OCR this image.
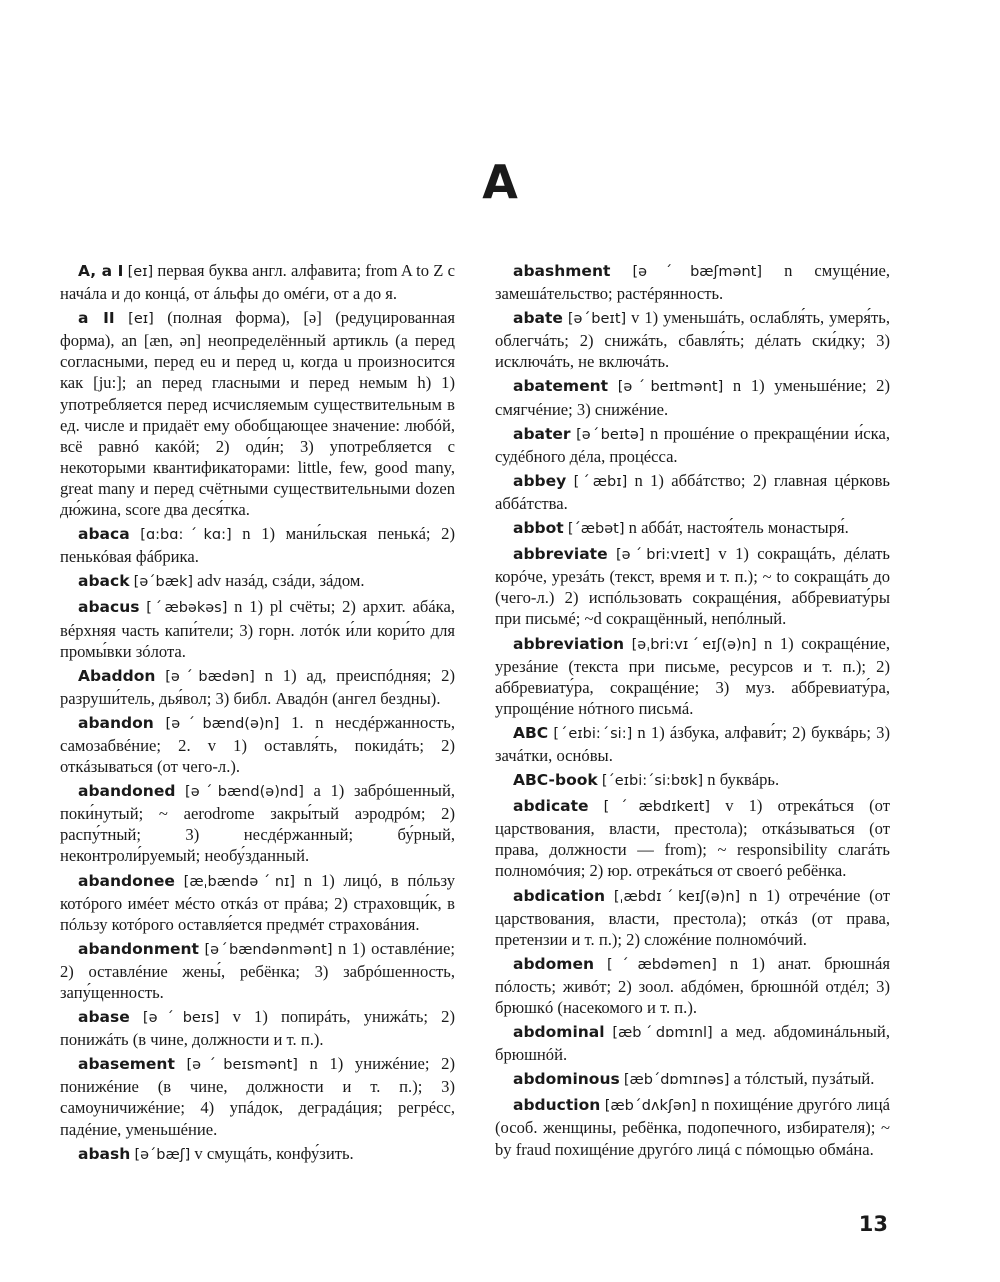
A

A, a I [eɪ] первая буква англ. алфавита; from A to Z с начáла и до концá, от áльфы до омéги, от а до я.

a II [eɪ] (полная форма), [ə] (редуцированная форма), an [æn, ən] неопределённый артикль (а перед согласными, перед eu и перед u, когда u произносится как [ju:]; an перед гласными и перед немым h) 1) употребляется перед исчисляемым существительным в ед. числе и придаёт ему обобщающее значение: любóй, всё равнó какóй; 2) оди́н; 3) употребляется с некоторыми квантификаторами: little, few, good many, great many и перед счётными существительными dozen дю́жина, score два деся́тка.

abaca [ɑ:bɑ:ˊkɑ:] n 1) мани́льская пенькá; 2) пенькóвая фáбрика.

aback [əˊbæk] adv назáд, сзáди, зáдом.

abacus [ˊæbəkəs] n 1) pl счёты; 2) архит. абáка, вéрхняя часть капи́тели; 3) горн. лотóк и́ли кори́то для промы́вки зóлота.

Abaddon [əˊbædən] n 1) ад, преиспóдняя; 2) разруши́тель, дья́вол; 3) библ. Авадóн (ангел бездны).

abandon [əˊbænd(ə)n] 1. n несдéржанность, самозабвéние; 2. v 1) оставля́ть, покидáть; 2) откáзываться (от чего-л.).

abandoned [əˊbænd(ə)nd] a 1) забрóшенный, поки́нутый; ~ aerodrome закры́тый аэродрóм; 2) распу́тный; 3) несдéржанный; бу́рный, неконтроли́руемый; необу́зданный.

abandonee [æˌbændəˊnɪ] n 1) лицó, в пóльзу котóрого имéет мéсто откáз от прáва; 2) страховщи́к, в пóльзу котóрого оставля́ется предмéт страховáния.

abandonment [əˊbændənmənt] n 1) оставлéние; 2) оставлéние жены́, ребёнка; 3) забрóшенность, запу́щенность.

abase [əˊbeɪs] v 1) попирáть, унижáть; 2) понижáть (в чине, должности и т. п.).

abasement [əˊbeɪsmənt] n 1) унижéние; 2) понижéние (в чине, должности и т. п.); 3) самоуничижéние; 4) упáдок, деградáция; регрéсс, падéние, уменьшéние.

abash [əˊbæʃ] v смущáть, конфу́зить.

abashment [əˊbæʃmənt] n смущéние, замешáтельство; растéрянность.

abate [əˊbeɪt] v 1) уменьшáть, ослабля́ть, умеря́ть, облегчáть; 2) снижáть, сбавля́ть; дéлать ски́дку; 3) исключáть, не включáть.

abatement [əˊbeɪtmənt] n 1) уменьшéние; 2) смягчéние; 3) снижéние.

abater [əˊbeɪtə] n прошéние о прекращéнии и́ска, судéбного дéла, процéсса.

abbey [ˊæbɪ] n 1) аббáтство; 2) главная цéрковь аббáтства.

abbot [ˊæbət] n аббáт, настоя́тель монастыря́.

abbreviate [əˊbri:vɪeɪt] v 1) сокращáть, дéлать корóче, урезáть (текст, время и т. п.); ~ to сокращáть до (чего-л.) 2) испóльзовать сокращéния, аббревиату́ры при письмé; ~d сокращённый, непóлный.

abbreviation [əˌbri:vɪˊeɪʃ(ə)n] n 1) сокращéние, урезáние (текста при письме, ресурсов и т. п.); 2) аббревиату́ра, сокращéние; 3) муз. аббревиату́ра, упрощéние нóтного письмá.

ABC [ˊeɪbi:ˊsi:] n 1) áзбука, алфави́т; 2) буквáрь; 3) зачáтки, оснóвы.

ABC-book [ˊeɪbi:ˊsi:bʊk] n буквáрь.

abdicate [ˊæbdɪkeɪt] v 1) отрекáться (от царствования, власти, престола); откáзываться (от права, должности — from); ~ responsibility слагáть полномóчия; 2) юр. отрекáться от своегó ребёнка.

abdication [ˌæbdɪˊkeɪʃ(ə)n] n 1) отречéние (от царствования, власти, престола); откáз (от права, претензии и т. п.); 2) сложéние полномóчий.

abdomen [ˊæbdəmen] n 1) анат. брюшнáя пóлость; живóт; 2) зоол. абдóмен, брюшнóй отдéл; 3) брюшкó (насекомого и т. п.).

abdominal [æbˊdɒmɪnl] a мед. абдоминáльный, брюшнóй.

abdominous [æbˊdɒmɪnəs] a тóлстый, пузáтый.

abduction [æbˊdʌkʃən] n похищéние другóго лицá (особ. женщины, ребёнка, подопечного, избирателя); ~ by fraud похищéние другóго лицá с пóмощью обмáна.

13
